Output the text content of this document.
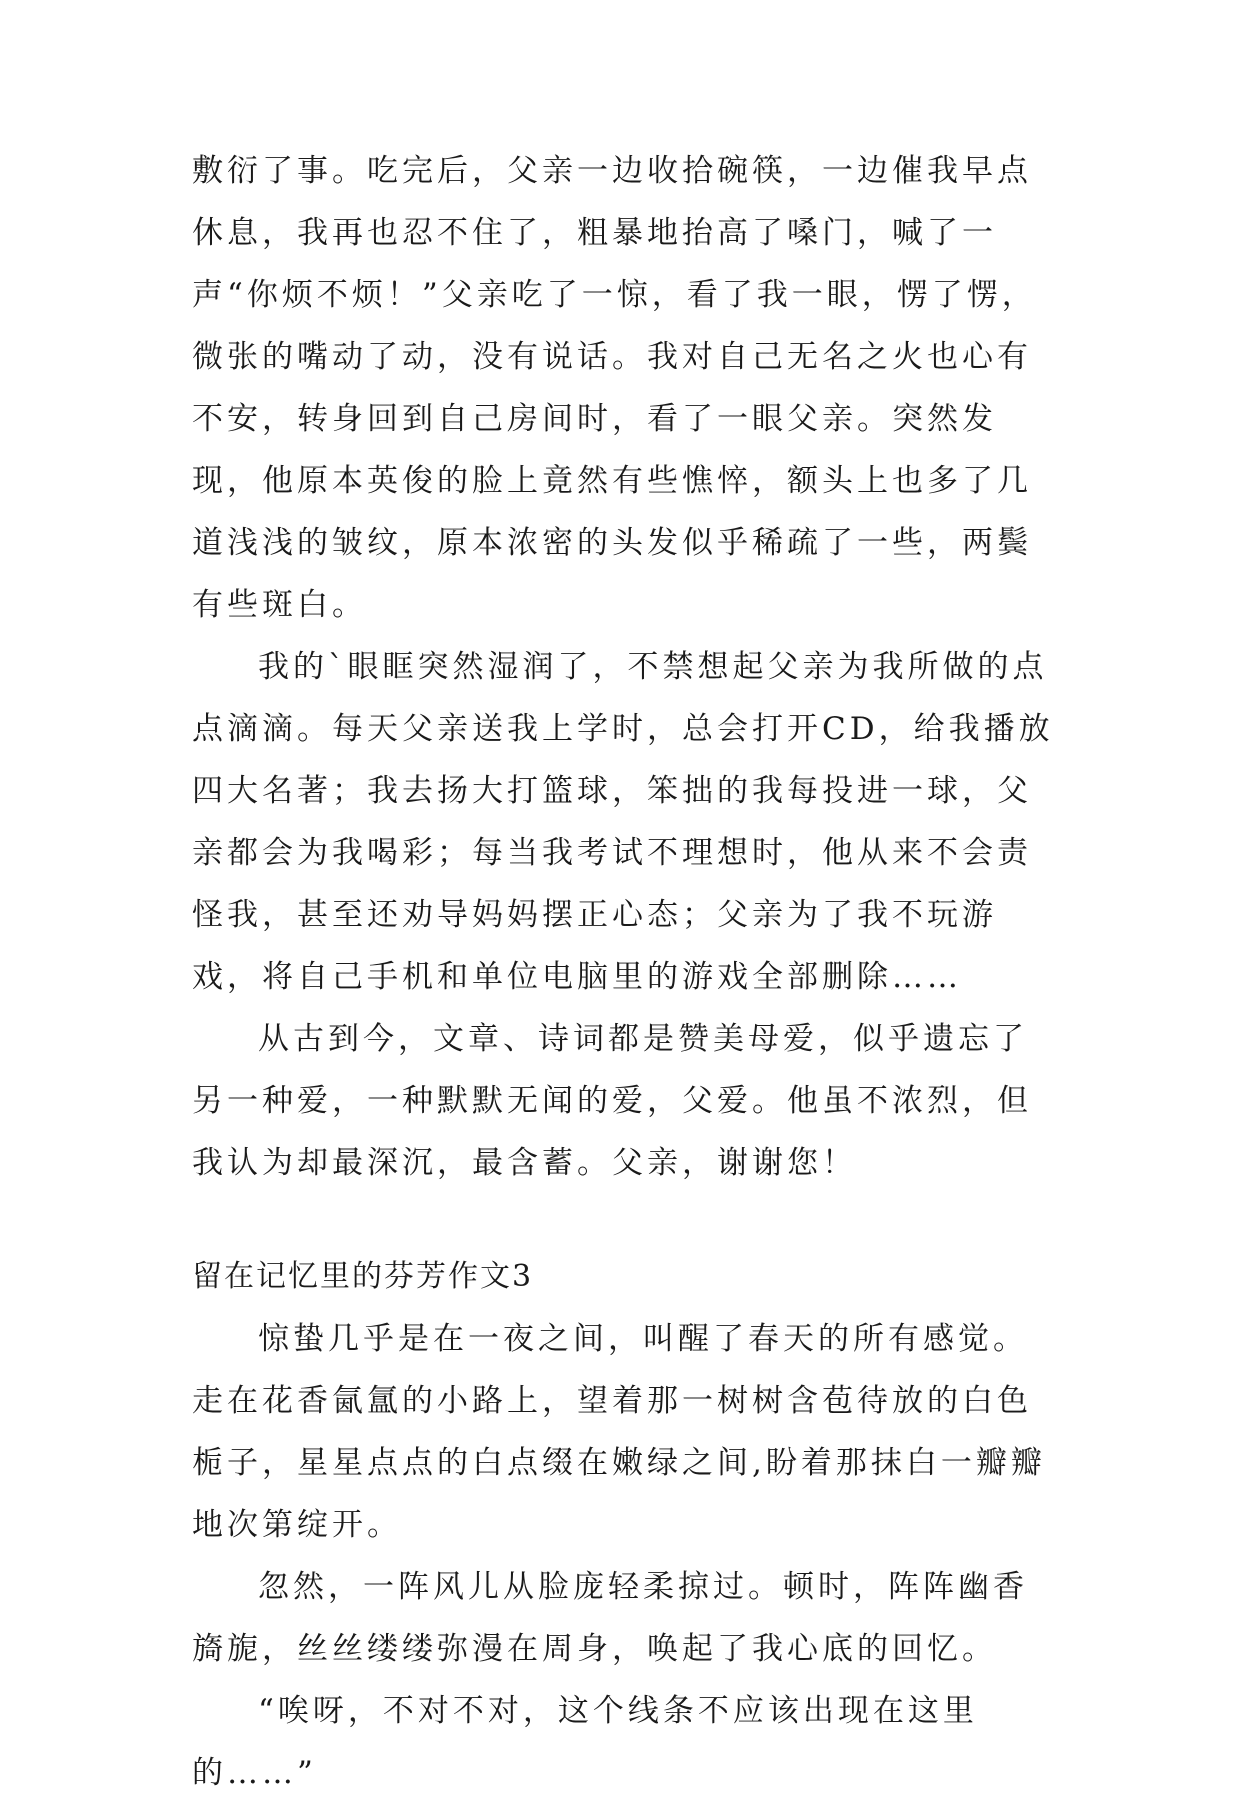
敷衍了事。吃完后，父亲一边收拾碗筷，一边催我早点休息，我再也忍不住了，粗暴地抬高了嗓门，喊了一声“你烦不烦！”父亲吃了一惊，看了我一眼，愣了愣，微张的嘴动了动，没有说话。我对自己无名之火也心有不安，转身回到自己房间时，看了一眼父亲。突然发现，他原本英俊的脸上竟然有些憔悴，额头上也多了几道浅浅的皱纹，原本浓密的头发似乎稀疏了一些，两鬓有些斑白。

我的`眼眶突然湿润了，不禁想起父亲为我所做的点点滴滴。每天父亲送我上学时，总会打开CD，给我播放四大名著；我去扬大打篮球，笨拙的我每投进一球，父亲都会为我喝彩；每当我考试不理想时，他从来不会责怪我，甚至还劝导妈妈摆正心态；父亲为了我不玩游戏，将自己手机和单位电脑里的游戏全部删除……

从古到今，文章、诗词都是赞美母爱，似乎遗忘了另一种爱，一种默默无闻的爱，父爱。他虽不浓烈，但我认为却最深沉，最含蓄。父亲，谢谢您！

留在记忆里的芬芳作文3

惊蛰几乎是在一夜之间，叫醒了春天的所有感觉。走在花香氤氲的小路上，望着那一树树含苞待放的白色栀子，星星点点的白点缀在嫩绿之间,盼着那抹白一瓣瓣地次第绽开。

忽然，一阵风儿从脸庞轻柔掠过。顿时，阵阵幽香旖旎，丝丝缕缕弥漫在周身，唤起了我心底的回忆。

“唉呀，不对不对，这个线条不应该出现在这里的……”
